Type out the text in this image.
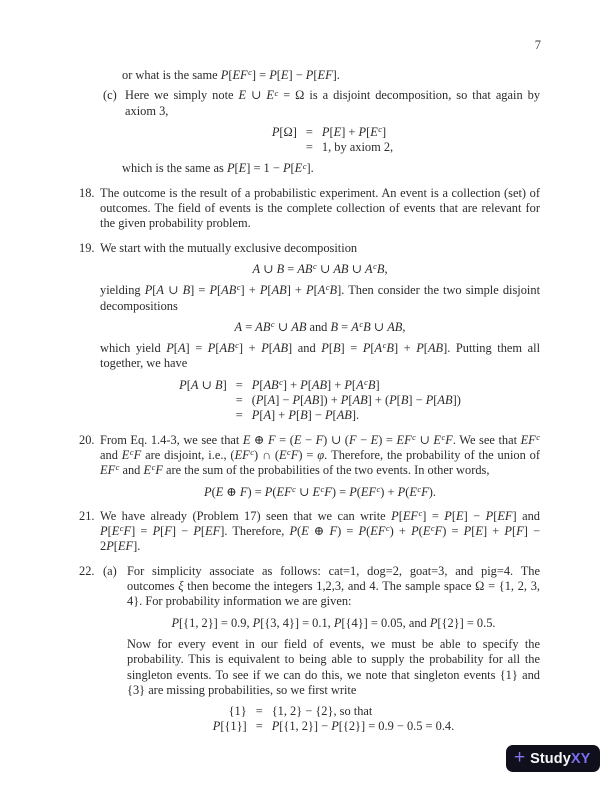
7

or what is the same $P[EF^c] = P[E] - P[EF]$.

(c) Here we simply note E ∪ $E^c = \Omega$ is a disjoint decomposition, so that again by axiom 3,

P[Ω]	=	$P[E] + P[E^c]$
	=	1, by axiom 2,

which is the same as $P[E] = 1 - P[E^c]$.

18. The outcome is the result of a probabilistic experiment. An event is a collection (set) of outcomes. The field of events is the complete collection of events that are relevant for the given probability problem.

19. We start with the mutually exclusive decomposition

A ∪ $B = AB^c$ ∪ AB ∪ $A^cB$,

yielding P[A ∪ $B] = P[AB^c] + P[AB] + P[A^cB]$. Then consider the two simple disjoint decompositions

$A = AB^c$ ∪ AB and $B = A^cB$ ∪ AB,

which yield $P[A] = P[AB^c] + P[AB]$ and $P[B] = P[A^cB] + P[AB]$. Putting them all together, we have

P[A ∪ B]	=	$P[AB^c] + P[AB] + P[A^cB]$
	=	(P[A] − P[AB]) + P[AB] + (P[B] − P[AB])
	=	P[A] + P[B] − P[AB].
20. From Eq. 1.4-3, we see that E ⊕ F = (E − F) ∪ $(F - E) = EF^c$ ∪ $E^cF$. We see that $EF^c$ and $E^cF$ are disjoint, i.e., $(EF^c)$ ∩ $(E^cF) = \varphi$. Therefore, the probability of the union of $EF^c$ and $E^cF$ are the sum of the probabilities of the two events. In other words,

P(E ⊕ $F) = P(EF^c$ ∪ $E^cF) = P(EF^c) + P(E^cF)$.
21. We have already (Problem 17) seen that we can write $P[EF^c] = P[E] - P[EF]$ and $P[E^cF] = P[F] - P[EF]$. Therefore, P(E ⊕ $F) = P(EF^c) + P(E^cF) = P[E] + P[F] - 2P[EF]$.

22. (a) For simplicity associate as follows: cat=1, dog=2, goat=3, and pig=4. The outcomes ξ then become the integers 1,2,3, and 4. The sample space Ω = {1, 2, 3, 4}. For probability information we are given:

P[{1, 2}] = 0.9, P[{3, 4}] = 0.1, P[{4}] = 0.05, and P[{2}] = 0.5.

Now for every event in our field of events, we must be able to specify the probability. This is equivalent to being able to supply the probability for all the singleton events. To see if we can do this, we note that singleton events {1} and {3} are missing probabilities, so we first write

{1}	=	{1, 2} − {2}, so that
P[{1}]	=	P[{1, 2}] − P[{2}] = 0.9 − 0.5 = 0.4.
+ Study XY
